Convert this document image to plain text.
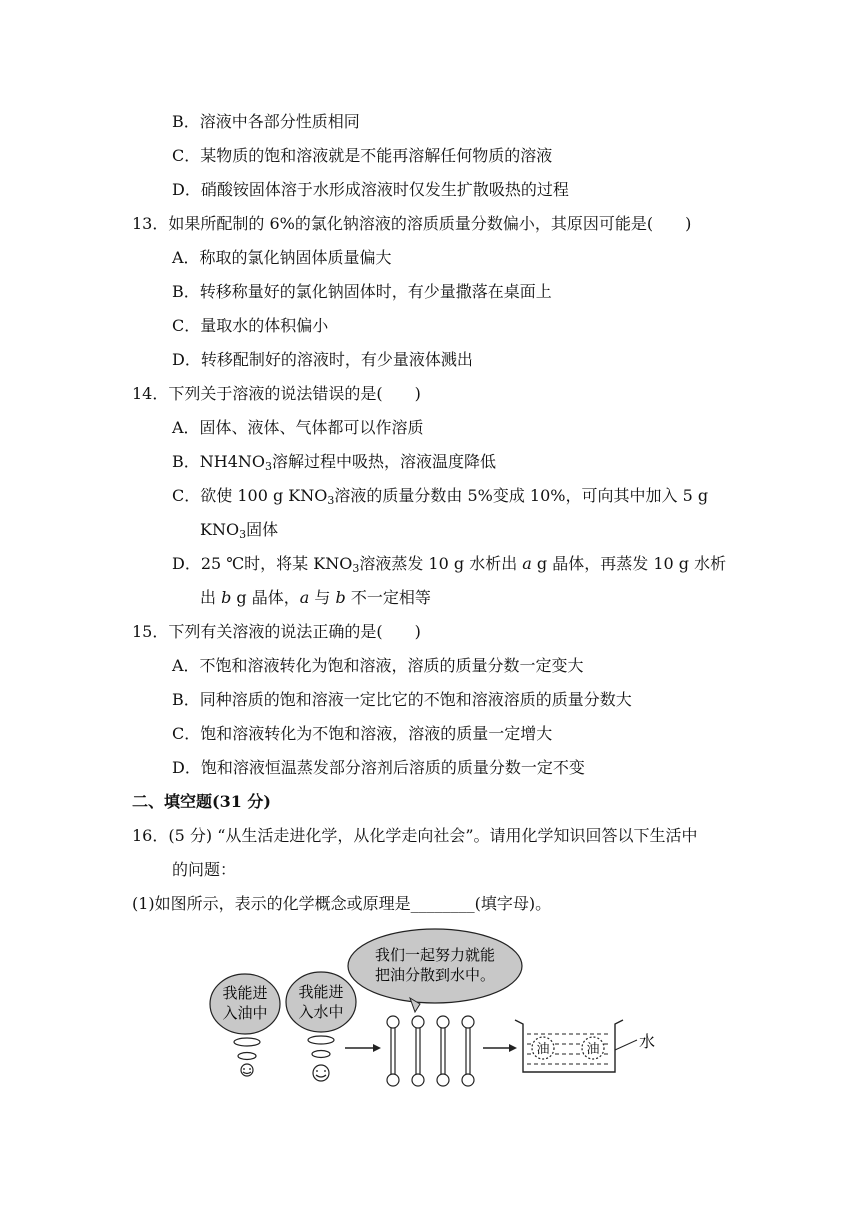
B．溶液中各部分性质相同
C．某物质的饱和溶液就是不能再溶解任何物质的溶液
D．硝酸铵固体溶于水形成溶液时仅发生扩散吸热的过程
13．如果所配制的 6%的氯化钠溶液的溶质质量分数偏小，其原因可能是(　　)
A．称取的氯化钠固体质量偏大
B．转移称量好的氯化钠固体时，有少量撒落在桌面上
C．量取水的体积偏小
D．转移配制好的溶液时，有少量液体溅出
14．下列关于溶液的说法错误的是(　　)
A．固体、液体、气体都可以作溶质
B．$NH4NO_3$溶解过程中吸热，溶液温度降低
C．欲使 100 g $KNO_3$溶液的质量分数由 5%变成 10%，可向其中加入 5 g
$KNO_3$固体
D．25 ℃时，将某 $KNO_3$溶液蒸发 10 g 水析出 a g 晶体，再蒸发 10 g 水析
出 b g 晶体，a 与 b 不一定相等
15．下列有关溶液的说法正确的是(　　)
A．不饱和溶液转化为饱和溶液，溶质的质量分数一定变大
B．同种溶质的饱和溶液一定比它的不饱和溶液溶质的质量分数大
C．饱和溶液转化为不饱和溶液，溶液的质量一定增大
D．饱和溶液恒温蒸发部分溶剂后溶质的质量分数一定不变
二、填空题(31 分)
16．(5 分) “从生活走进化学，从化学走向社会”。请用化学知识回答以下生活中
的问题：
(1)如图所示，表示的化学概念或原理是________(填字母)。
我能进
入油中
我能进
入水中
我们一起努力就能
把油分散到水中。
油	油 水
